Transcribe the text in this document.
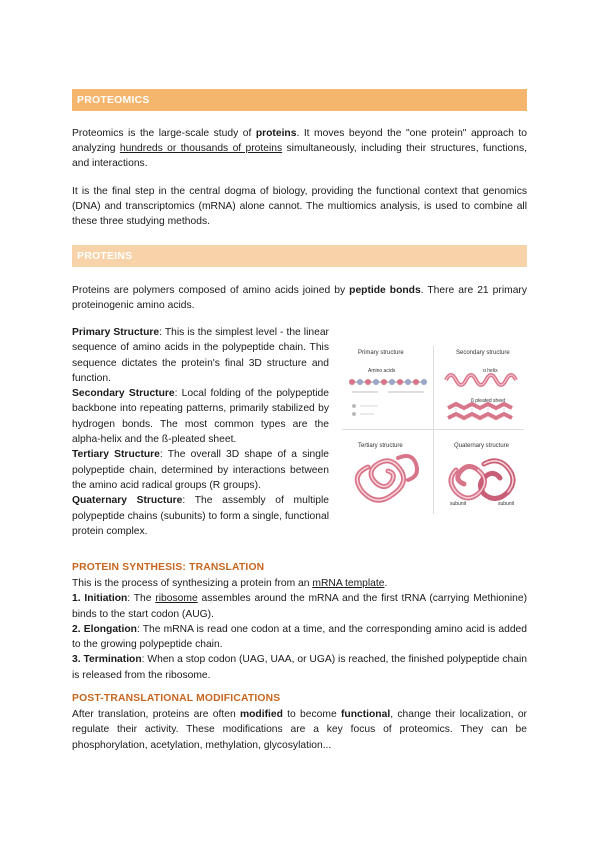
PROTEOMICS

Proteomics is the large-scale study of proteins. It moves beyond the "one protein" approach to analyzing hundreds or thousands of proteins simultaneously, including their structures, functions, and interactions.

It is the final step in the central dogma of biology, providing the functional context that genomics (DNA) and transcriptomics (mRNA) alone cannot. The multiomics analysis, is used to combine all these three studying methods.

PROTEINS

Proteins are polymers composed of amino acids joined by peptide bonds. There are 21 primary proteinogenic amino acids.

Primary Structure: This is the simplest level - the linear sequence of amino acids in the polypeptide chain. This sequence dictates the protein's final 3D structure and function.

Secondary Structure: Local folding of the polypeptide backbone into repeating patterns, primarily stabilized by hydrogen bonds. The most common types are the alpha-helix and the ß-pleated sheet.

Tertiary Structure: The overall 3D shape of a single polypeptide chain, determined by interactions between the amino acid radical groups (R groups).

Quaternary Structure: The assembly of multiple polypeptide chains (subunits) to form a single, functional protein complex.

Primary structure	Secondary structure
Tertiary structure	Quaternary structure
Amino acids	α helix
β pleated sheet
subunit	subunit
PROTEIN SYNTHESIS: TRANSLATION
This is the process of synthesizing a protein from an mRNA template.
1. Initiation: The ribosome assembles around the mRNA and the first tRNA (carrying Methionine) binds to the start codon (AUG).
2. Elongation: The mRNA is read one codon at a time, and the corresponding amino acid is added to the growing polypeptide chain.
3. Termination: When a stop codon (UAG, UAA, or UGA) is reached, the finished polypeptide chain is released from the ribosome.
POST-TRANSLATIONAL MODIFICATIONS

After translation, proteins are often modified to become functional, change their localization, or regulate their activity. These modifications are a key focus of proteomics. They can be phosphorylation, acetylation, methylation, glycosylation...
